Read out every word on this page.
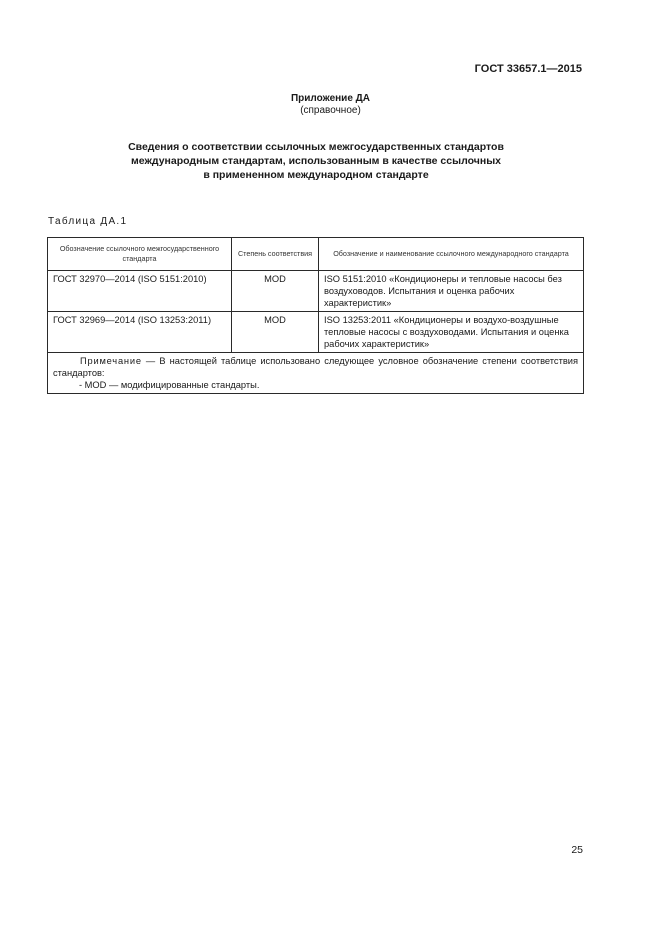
ГОСТ 33657.1—2015
Приложение ДА
(справочное)
Сведения о соответствии ссылочных межгосударственных стандартов
международным стандартам, использованным в качестве ссылочных
в примененном международном стандарте
Таблица ДА.1
Обозначение ссылочного межгосударственного стандарта	Степень соответствия	Обозначение и наименование ссылочного международного стандарта
ГОСТ 32970—2014 (ISO 5151:2010)	MOD	ISO 5151:2010 «Кондиционеры и тепловые насосы без воздуховодов. Испытания и оценка рабочих характеристик»
ГОСТ 32969—2014 (ISO 13253:2011)	MOD	ISO 13253:2011 «Кондиционеры и воздухо-воздушные тепловые насосы с воздуховодами. Испытания и оценка рабочих характеристик»

Примечание — В настоящей таблице использовано следующее условное обозначение степени соответствия стандартов:
- MOD — модифицированные стандарты.		
25
